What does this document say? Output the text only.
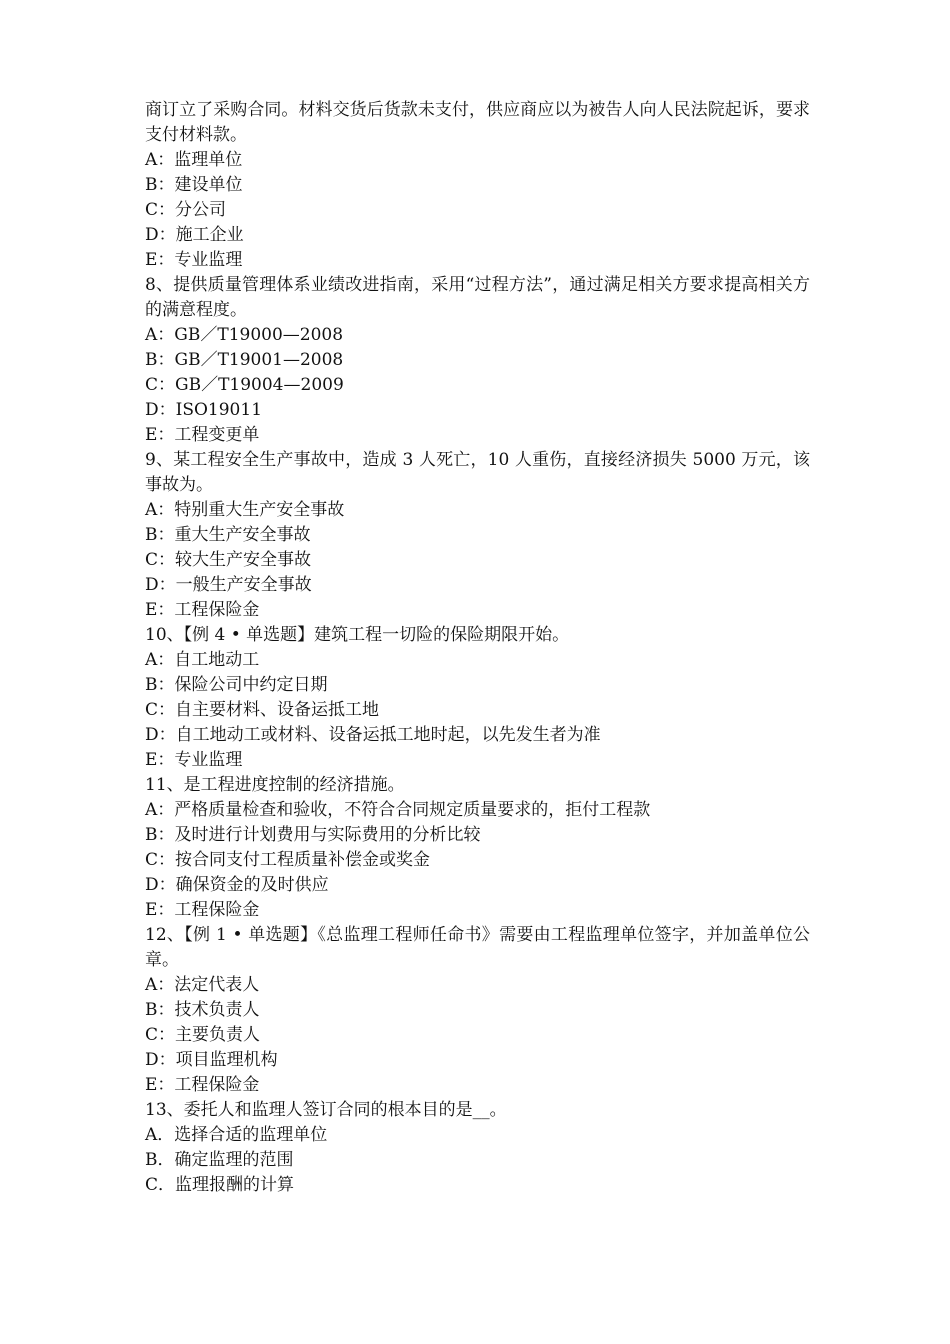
商订立了采购合同。材料交货后货款未支付，供应商应以为被告人向人民法院起诉，要求支付材料款。
A：监理单位
B：建设单位
C：分公司
D：施工企业
E：专业监理
8、提供质量管理体系业绩改进指南，采用“过程方法”，通过满足相关方要求提高相关方的满意程度。
A：GB／T19000—2008
B：GB／T19001—2008
C：GB／T19004—2009
D：ISO19011
E：工程变更单
9、某工程安全生产事故中，造成 3 人死亡，10 人重伤，直接经济损失 5000 万元，该事故为。
A：特别重大生产安全事故
B：重大生产安全事故
C：较大生产安全事故
D：一般生产安全事故
E：工程保险金
10、【例 4 • 单选题】建筑工程一切险的保险期限开始。
A：自工地动工
B：保险公司中约定日期
C：自主要材料、设备运抵工地
D：自工地动工或材料、设备运抵工地时起，以先发生者为准
E：专业监理
11、是工程进度控制的经济措施。
A：严格质量检查和验收，不符合合同规定质量要求的，拒付工程款
B：及时进行计划费用与实际费用的分析比较
C：按合同支付工程质量补偿金或奖金
D：确保资金的及时供应
E：工程保险金
12、【例 1 • 单选题】《总监理工程师任命书》需要由工程监理单位签字，并加盖单位公章。
A：法定代表人
B：技术负责人
C：主要负责人
D：项目监理机构
E：工程保险金
13、委托人和监理人签订合同的根本目的是__。
A．选择合适的监理单位
B．确定监理的范围
C．监理报酬的计算
